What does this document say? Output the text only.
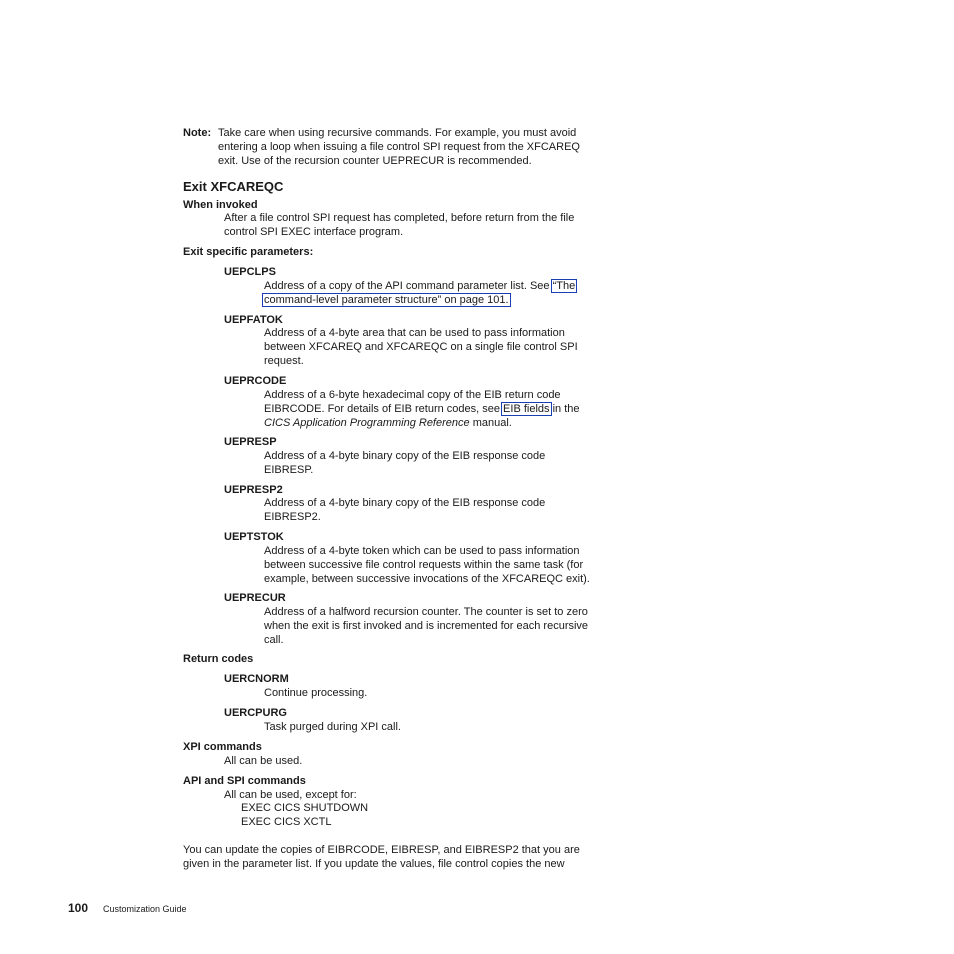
Note: Take care when using recursive commands. For example, you must avoid
entering a loop when issuing a file control SPI request from the XFCAREQ
exit. Use of the recursion counter UEPRECUR is recommended.
Exit XFCAREQC
When invoked
After a file control SPI request has completed, before return from the file
control SPI EXEC interface program.
Exit specific parameters:
UEPCLPS
Address of a copy of the API command parameter list. See “The
command-level parameter structure” on page 101.
UEPFATOK
Address of a 4-byte area that can be used to pass information
between XFCAREQ and XFCAREQC on a single file control SPI
request.
UEPRCODE
Address of a 6-byte hexadecimal copy of the EIB return code
EIBRCODE. For details of EIB return codes, see EIB fields in the
CICS Application Programming Reference manual.
UEPRESP
Address of a 4-byte binary copy of the EIB response code
EIBRESP.
UEPRESP2
Address of a 4-byte binary copy of the EIB response code
EIBRESP2.
UEPTSTOK
Address of a 4-byte token which can be used to pass information
between successive file control requests within the same task (for
example, between successive invocations of the XFCAREQC exit).
UEPRECUR
Address of a halfword recursion counter. The counter is set to zero
when the exit is first invoked and is incremented for each recursive
call.
Return codes
UERCNORM
Continue processing.
UERCPURG
Task purged during XPI call.
XPI commands
All can be used.
API and SPI commands
All can be used, except for:
EXEC CICS SHUTDOWN
EXEC CICS XCTL
You can update the copies of EIBRCODE, EIBRESP, and EIBRESP2 that you are
given in the parameter list. If you update the values, file control copies the new
100 Customization Guide
